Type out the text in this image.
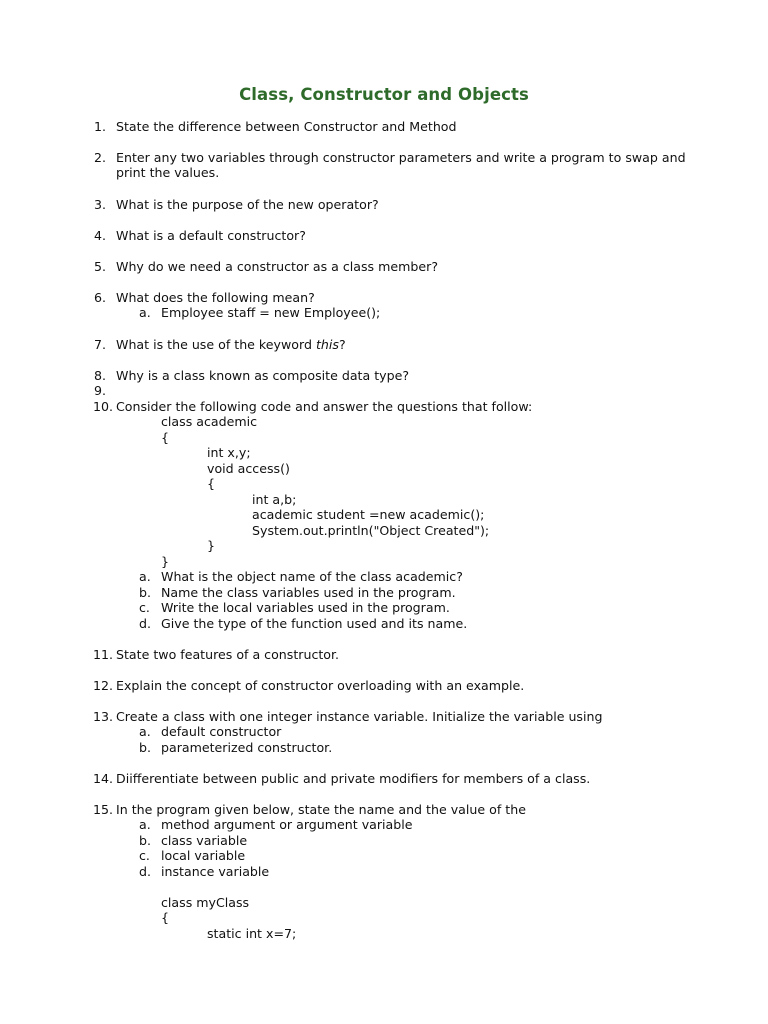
Class, Constructor and Objects
1. State the difference between Constructor and Method
2. Enter any two variables through constructor parameters and write a program to swap and
print the values.
3. What is the purpose of the new operator?
4. What is a default constructor?
5. Why do we need a constructor as a class member?
6. What does the following mean?
a. Employee staff = new Employee();
7. What is the use of the keyword this?
8. Why is a class known as composite data type?
9.
10. Consider the following code and answer the questions that follow:
class academic
{
int x,y;
void access()
{
int a,b;
academic student =new academic();
System.out.println("Object Created");
}
}
a. What is the object name of the class academic?
b. Name the class variables used in the program.
c. Write the local variables used in the program.
d. Give the type of the function used and its name.
11. State two features of a constructor.
12. Explain the concept of constructor overloading with an example.
13. Create a class with one integer instance variable. Initialize the variable using
a. default constructor
b. parameterized constructor.
14. Diifferentiate between public and private modifiers for members of a class.
15. In the program given below, state the name and the value of the
a. method argument or argument variable
b. class variable
c. local variable
d. instance variable
class myClass
{
static int x=7;
